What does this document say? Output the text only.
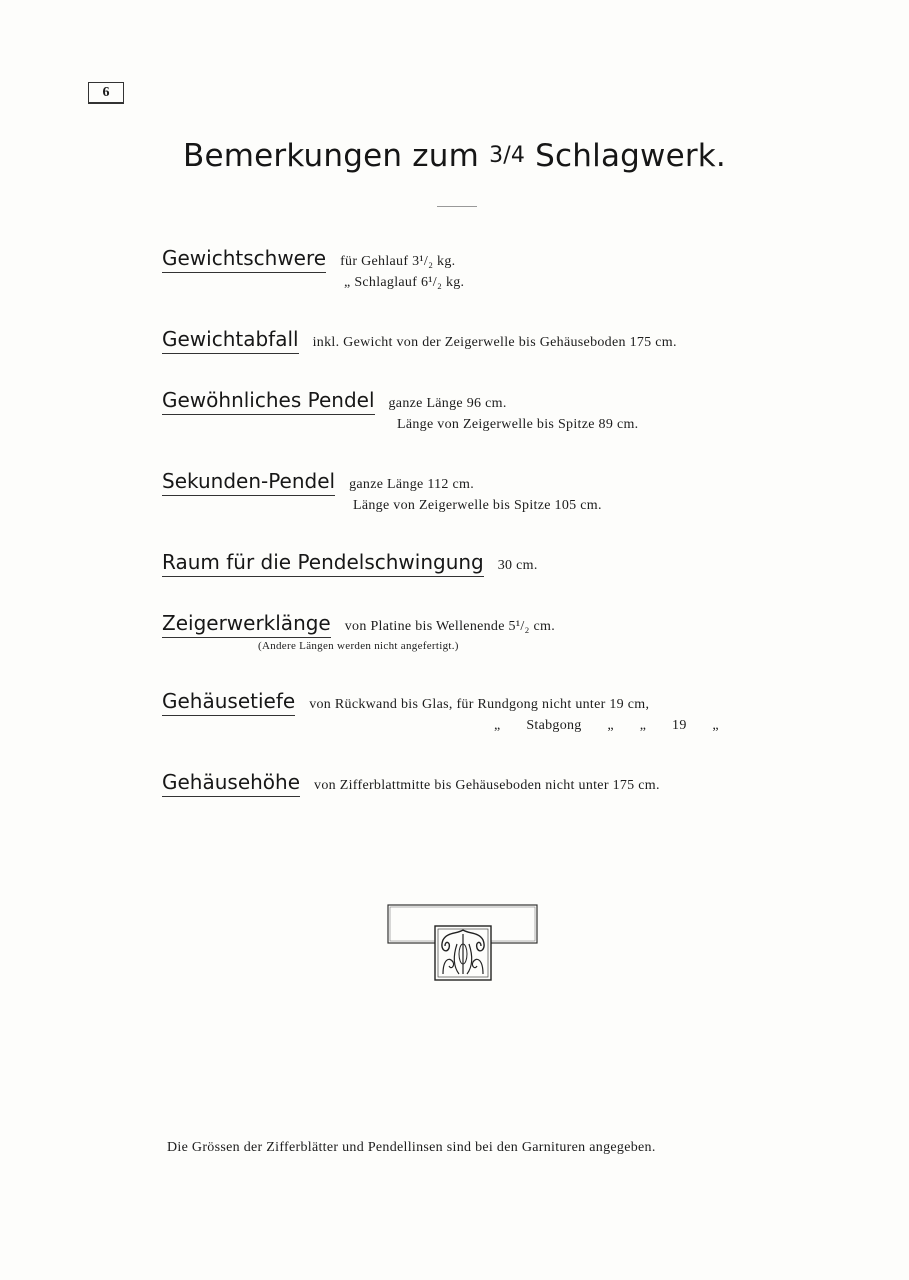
6
Bemerkungen zum 3/4 Schlagwerk.
Gewichtschwere für Gehlauf 3¹/₂ kg.
„ Schlaglauf 6¹/₂ kg.
Gewichtabfall inkl. Gewicht von der Zeigerwelle bis Gehäuseboden 175 cm.
Gewöhnliches Pendel ganze Länge 96 cm.
Länge von Zeigerwelle bis Spitze 89 cm.
Sekunden-Pendel ganze Länge 112 cm.
Länge von Zeigerwelle bis Spitze 105 cm.
Raum für die Pendelschwingung 30 cm.
Zeigerwerklänge von Platine bis Wellenende 5¹/₂ cm.
(Andere Längen werden nicht angefertigt.)
Gehäusetiefe von Rückwand bis Glas, für Rundgong nicht unter 19 cm,
„ Stabgong „ „ 19 „
Gehäusehöhe von Zifferblattmitte bis Gehäuseboden nicht unter 175 cm.
Die Grössen der Zifferblätter und Pendellinsen sind bei den Garnituren angegeben.
